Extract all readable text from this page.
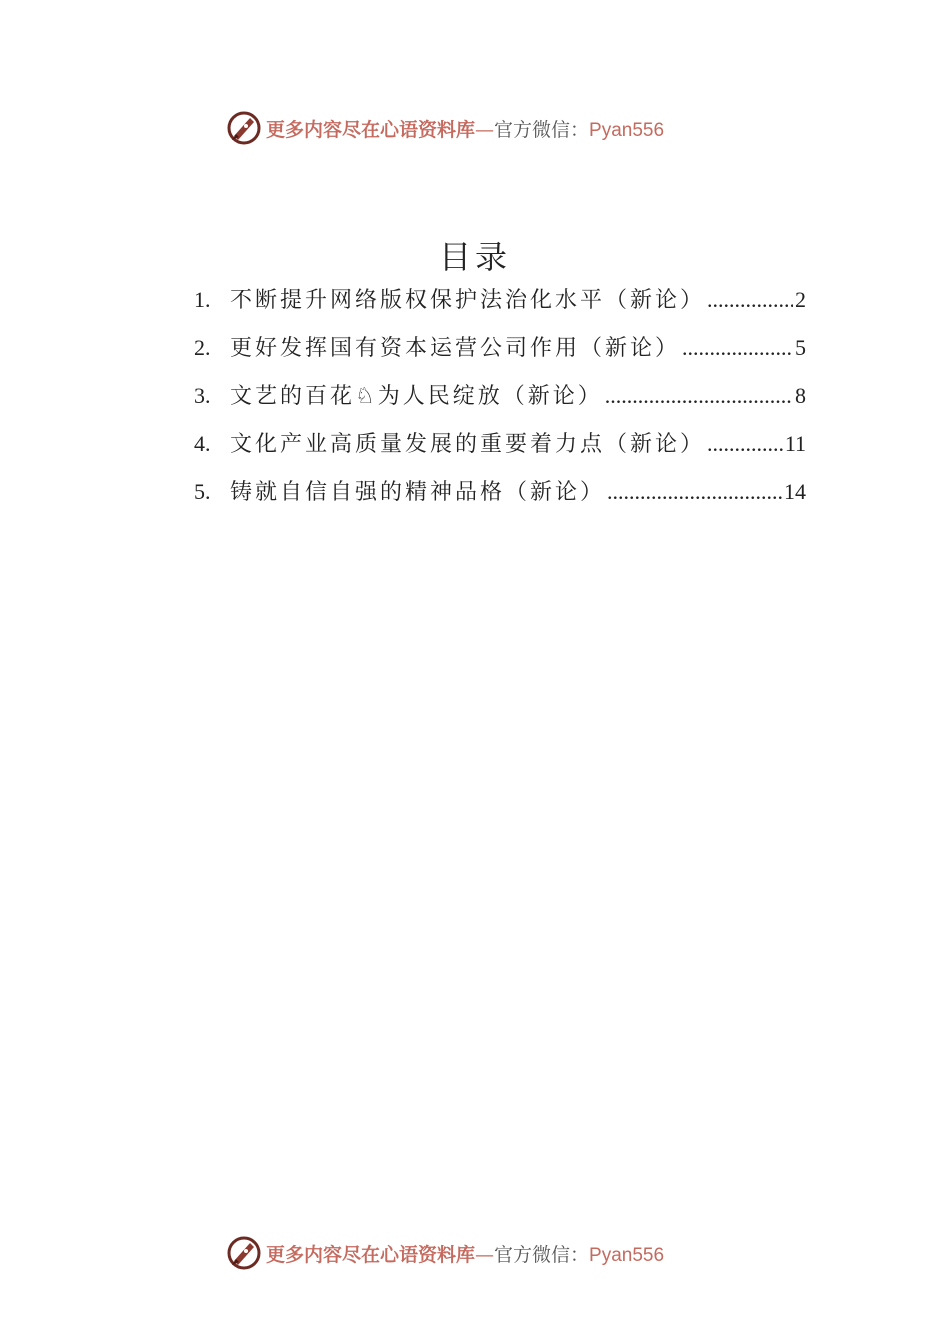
更多内容尽在心语资料库—官方微信：Pyan556
目录
1. 不断提升网络版权保护法治化水平（新论） .....	2
2. 更好发挥国有资本运营公司作用（新论） .....	5
3. 文艺的百花♘为人民绽放（新论） .....	8
4. 文化产业高质量发展的重要着力点（新论） .....	11
5. 铸就自信自强的精神品格（新论） .....	14
更多内容尽在心语资料库—官方微信：Pyan556
